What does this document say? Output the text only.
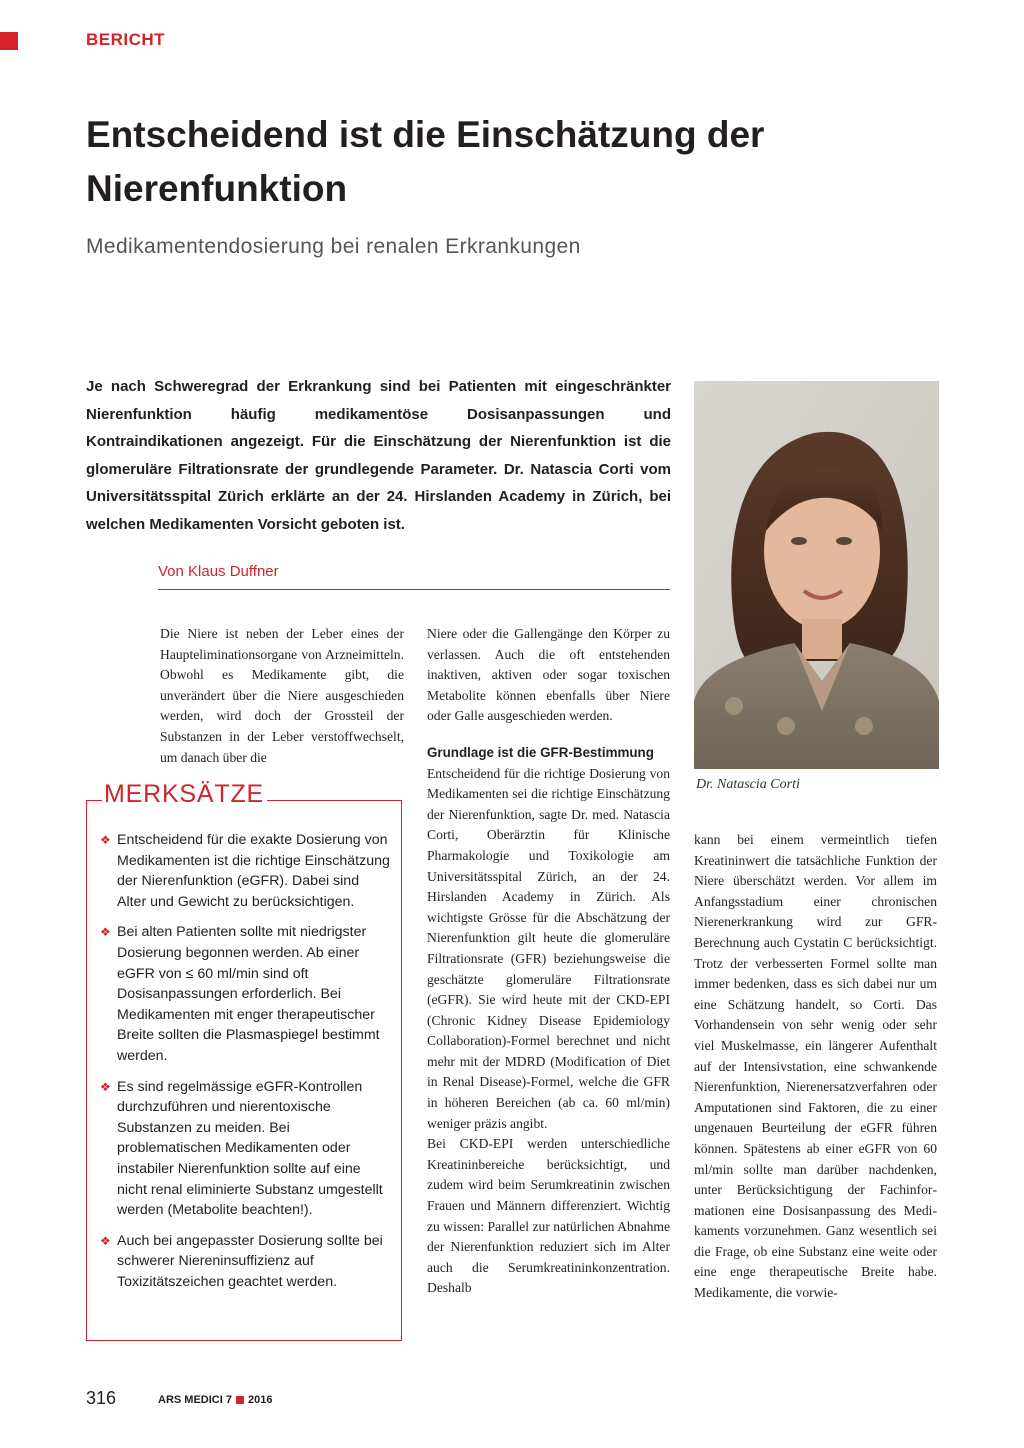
BERICHT
Entscheidend ist die Einschätzung der Nierenfunktion
Medikamentendosierung bei renalen Erkrankungen

Je nach Schweregrad der Erkrankung sind bei Patienten mit eingeschränkter Nierenfunktion häufig medikamentöse Dosisanpassungen und Kontraindikationen angezeigt. Für die Einschätzung der Nierenfunktion ist die glomeruläre Filtrationsrate der grundlegende Parameter. Dr. Natascia Corti vom Universitätsspital Zürich erklärte an der 24. Hirslanden Academy in Zürich, bei welchen Medikamenten Vorsicht geboten ist.

Dr. Natascia Corti
Von Klaus Duffner

Die Niere ist neben der Leber eines der Haupteliminationsorgane von Arzneimitteln. Obwohl es Medikamente gibt, die unverändert über die Niere ausgeschieden werden, wird doch der Grossteil der Substanzen in der Leber verstoffwechselt, um danach über die

Niere oder die Gallengänge den Körper zu verlassen. Auch die oft entstehenden inaktiven, aktiven oder sogar toxischen Metabolite können ebenfalls über Niere oder Galle ausgeschieden werden.

Grundlage ist die GFR-Bestimmung

Entscheidend für die richtige Dosierung von Medikamenten sei die richtige Einschätzung der Nierenfunktion, sagte Dr. med. Natascia Corti, Oberärztin für Klinische Pharmakologie und Toxikologie am Universitätsspital Zürich, an der 24. Hirslanden Academy in Zürich. Als wichtigste Grösse für die Abschätzung der Nierenfunktion gilt heute die glomeruläre Filtrationsrate (GFR) beziehungsweise die geschätzte glomeruläre Filtrationsrate (eGFR). Sie wird heute mit der CKD-EPI (Chronic Kidney Disease Epidemiology Collaboration)-Formel berechnet und nicht mehr mit der MDRD (Modification of Diet in Renal Disease)-Formel, welche die GFR in höheren Bereichen (ab ca. 60 ml/min) weniger präzis angibt.

Bei CKD-EPI werden unterschiedliche Kreatininbereiche berücksichtigt, und zudem wird beim Serumkreatinin zwischen Frauen und Männern differenziert. Wichtig zu wissen: Parallel zur natürlichen Abnahme der Nierenfunktion reduziert sich im Alter auch die Serumkreatininkonzentration. Deshalb

kann bei einem vermeintlich tiefen Kreatininwert die tatsächliche Funktion der Niere überschätzt werden. Vor allem im Anfangsstadium einer chronischen Nierenerkrankung wird zur GFR-Berechnung auch Cystatin C berücksichtigt. Trotz der verbesserten Formel sollte man immer bedenken, dass es sich dabei nur um eine Schätzung handelt, so Corti. Das Vorhandensein von sehr wenig oder sehr viel Muskelmasse, ein längerer Aufenthalt auf der Intensivstation, eine schwankende Nierenfunktion, Nierenersatzverfahren oder Amputationen sind Faktoren, die zu einer ungenauen Beurteilung der eGFR führen können. Spätestens ab einer eGFR von 60 ml/min sollte man darüber nachdenken, unter Berücksichtigung der Fachinformationen eine Dosisanpassung des Medikaments vorzunehmen. Ganz wesentlich sei die Frage, ob eine Substanz eine weite oder eine enge therapeutische Breite habe. Medikamente, die vorwie-

MERKSÄTZE
❖ Entscheidend für die exakte Dosierung von Medikamenten ist die richtige Einschätzung der Nierenfunktion (eGFR). Dabei sind Alter und Gewicht zu berücksichtigen.
❖ Bei alten Patienten sollte mit niedrigster Dosierung begonnen werden. Ab einer eGFR von ≤ 60 ml/min sind oft Dosisanpassungen erforderlich. Bei Medikamenten mit enger therapeutischer Breite sollten die Plasmaspiegel bestimmt werden.
❖ Es sind regelmässige eGFR-Kontrollen durchzuführen und nierentoxische Substanzen zu meiden. Bei problematischen Medikamenten oder instabiler Nierenfunktion sollte auf eine nicht renal eliminierte Substanz umgestellt werden (Metabolite beachten!).
❖ Auch bei angepasster Dosierung sollte bei schwerer Niereninsuffizienz auf Toxizitätszeichen geachtet werden.
316	ARS MEDICI 7 2016
